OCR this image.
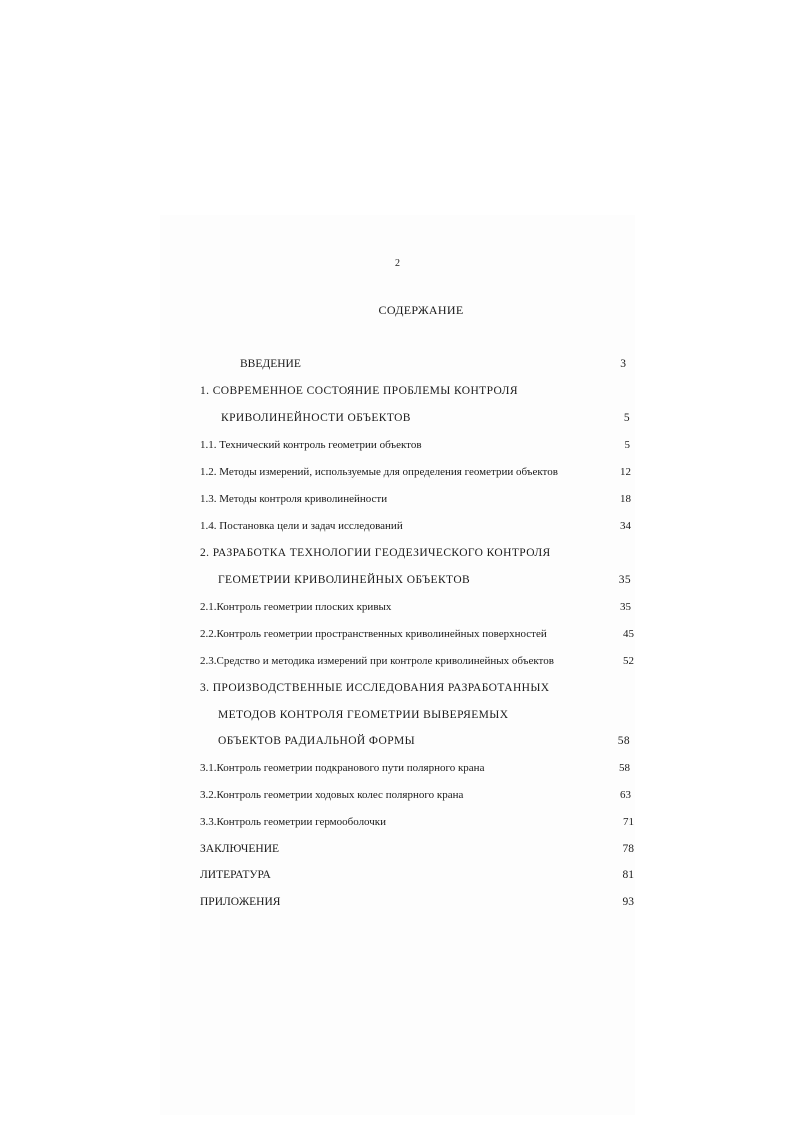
2
СОДЕРЖАНИЕ
ВВЕДЕНИЕ	3
1. СОВРЕМЕННОЕ СОСТОЯНИЕ ПРОБЛЕМЫ КОНТРОЛЯ
КРИВОЛИНЕЙНОСТИ ОБЪЕКТОВ	5
1.1. Технический контроль геометрии объектов	5
1.2. Методы измерений, используемые для определения геометрии объектов	12
1.3. Методы контроля криволинейности	18
1.4. Постановка цели и задач исследований	34
2. РАЗРАБОТКА ТЕХНОЛОГИИ ГЕОДЕЗИЧЕСКОГО КОНТРОЛЯ
ГЕОМЕТРИИ КРИВОЛИНЕЙНЫХ ОБЪЕКТОВ	35
2.1.Контроль геометрии плоских кривых	35
2.2.Контроль геометрии пространственных криволинейных поверхностей	45
2.3.Средство и методика измерений при контроле криволинейных объектов	52
3. ПРОИЗВОДСТВЕННЫЕ ИССЛЕДОВАНИЯ РАЗРАБОТАННЫХ
МЕТОДОВ КОНТРОЛЯ ГЕОМЕТРИИ ВЫВЕРЯЕМЫХ
ОБЪЕКТОВ РАДИАЛЬНОЙ ФОРМЫ	58
3.1.Контроль геометрии подкранового пути полярного крана	58
3.2.Контроль геометрии ходовых колес полярного крана	63
3.3.Контроль геометрии гермооболочки	71
ЗАКЛЮЧЕНИЕ	78
ЛИТЕРАТУРА	81
ПРИЛОЖЕНИЯ	93
